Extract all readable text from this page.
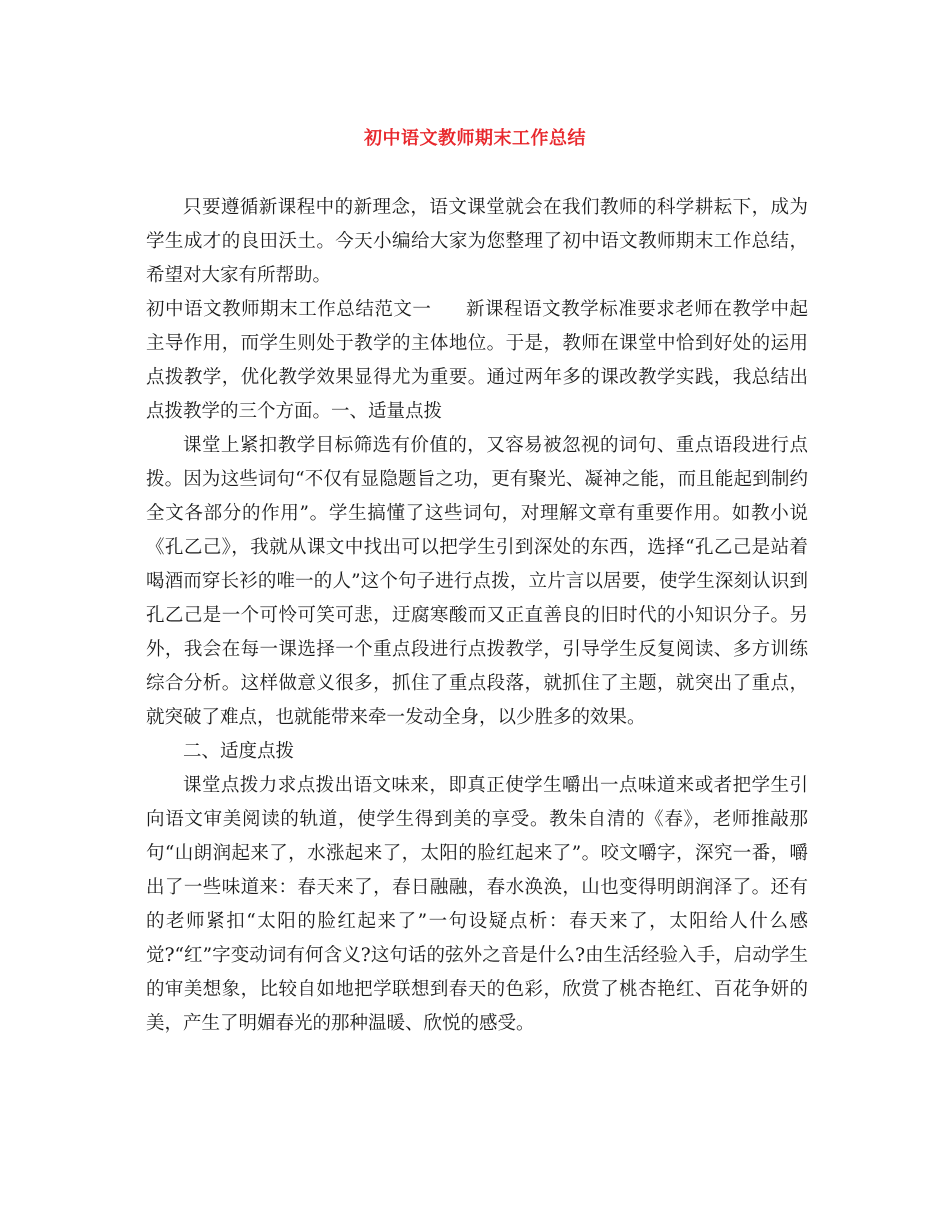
初中语文教师期末工作总结

只要遵循新课程中的新理念，语文课堂就会在我们教师的科学耕耘下，成为学生成才的良田沃土。今天小编给大家为您整理了初中语文教师期末工作总结，希望对大家有所帮助。

初中语文教师期末工作总结范文一 新课程语文教学标准要求老师在教学中起主导作用，而学生则处于教学的主体地位。于是，教师在课堂中恰到好处的运用点拨教学，优化教学效果显得尤为重要。通过两年多的课改教学实践，我总结出点拨教学的三个方面。一、适量点拨

课堂上紧扣教学目标筛选有价值的，又容易被忽视的词句、重点语段进行点拨。因为这些词句“不仅有显隐题旨之功，更有聚光、凝神之能，而且能起到制约全文各部分的作用”。学生搞懂了这些词句，对理解文章有重要作用。如教小说《孔乙己》，我就从课文中找出可以把学生引到深处的东西，选择“孔乙己是站着喝酒而穿长衫的唯一的人”这个句子进行点拨，立片言以居要，使学生深刻认识到孔乙己是一个可怜可笑可悲，迂腐寒酸而又正直善良的旧时代的小知识分子。另外，我会在每一课选择一个重点段进行点拨教学，引导学生反复阅读、多方训练综合分析。这样做意义很多，抓住了重点段落，就抓住了主题，就突出了重点，就突破了难点，也就能带来牵一发动全身，以少胜多的效果。

二、适度点拨

课堂点拨力求点拨出语文味来，即真正使学生嚼出一点味道来或者把学生引向语文审美阅读的轨道，使学生得到美的享受。教朱自清的《春》，老师推敲那句“山朗润起来了，水涨起来了，太阳的脸红起来了”。咬文嚼字，深究一番，嚼出了一些味道来：春天来了，春日融融，春水涣涣，山也变得明朗润泽了。还有的老师紧扣“太阳的脸红起来了”一句设疑点析：春天来了，太阳给人什么感觉?“红”字变动词有何含义?这句话的弦外之音是什么?由生活经验入手，启动学生的审美想象，比较自如地把学联想到春天的色彩，欣赏了桃杏艳红、百花争妍的美，产生了明媚春光的那种温暖、欣悦的感受。
